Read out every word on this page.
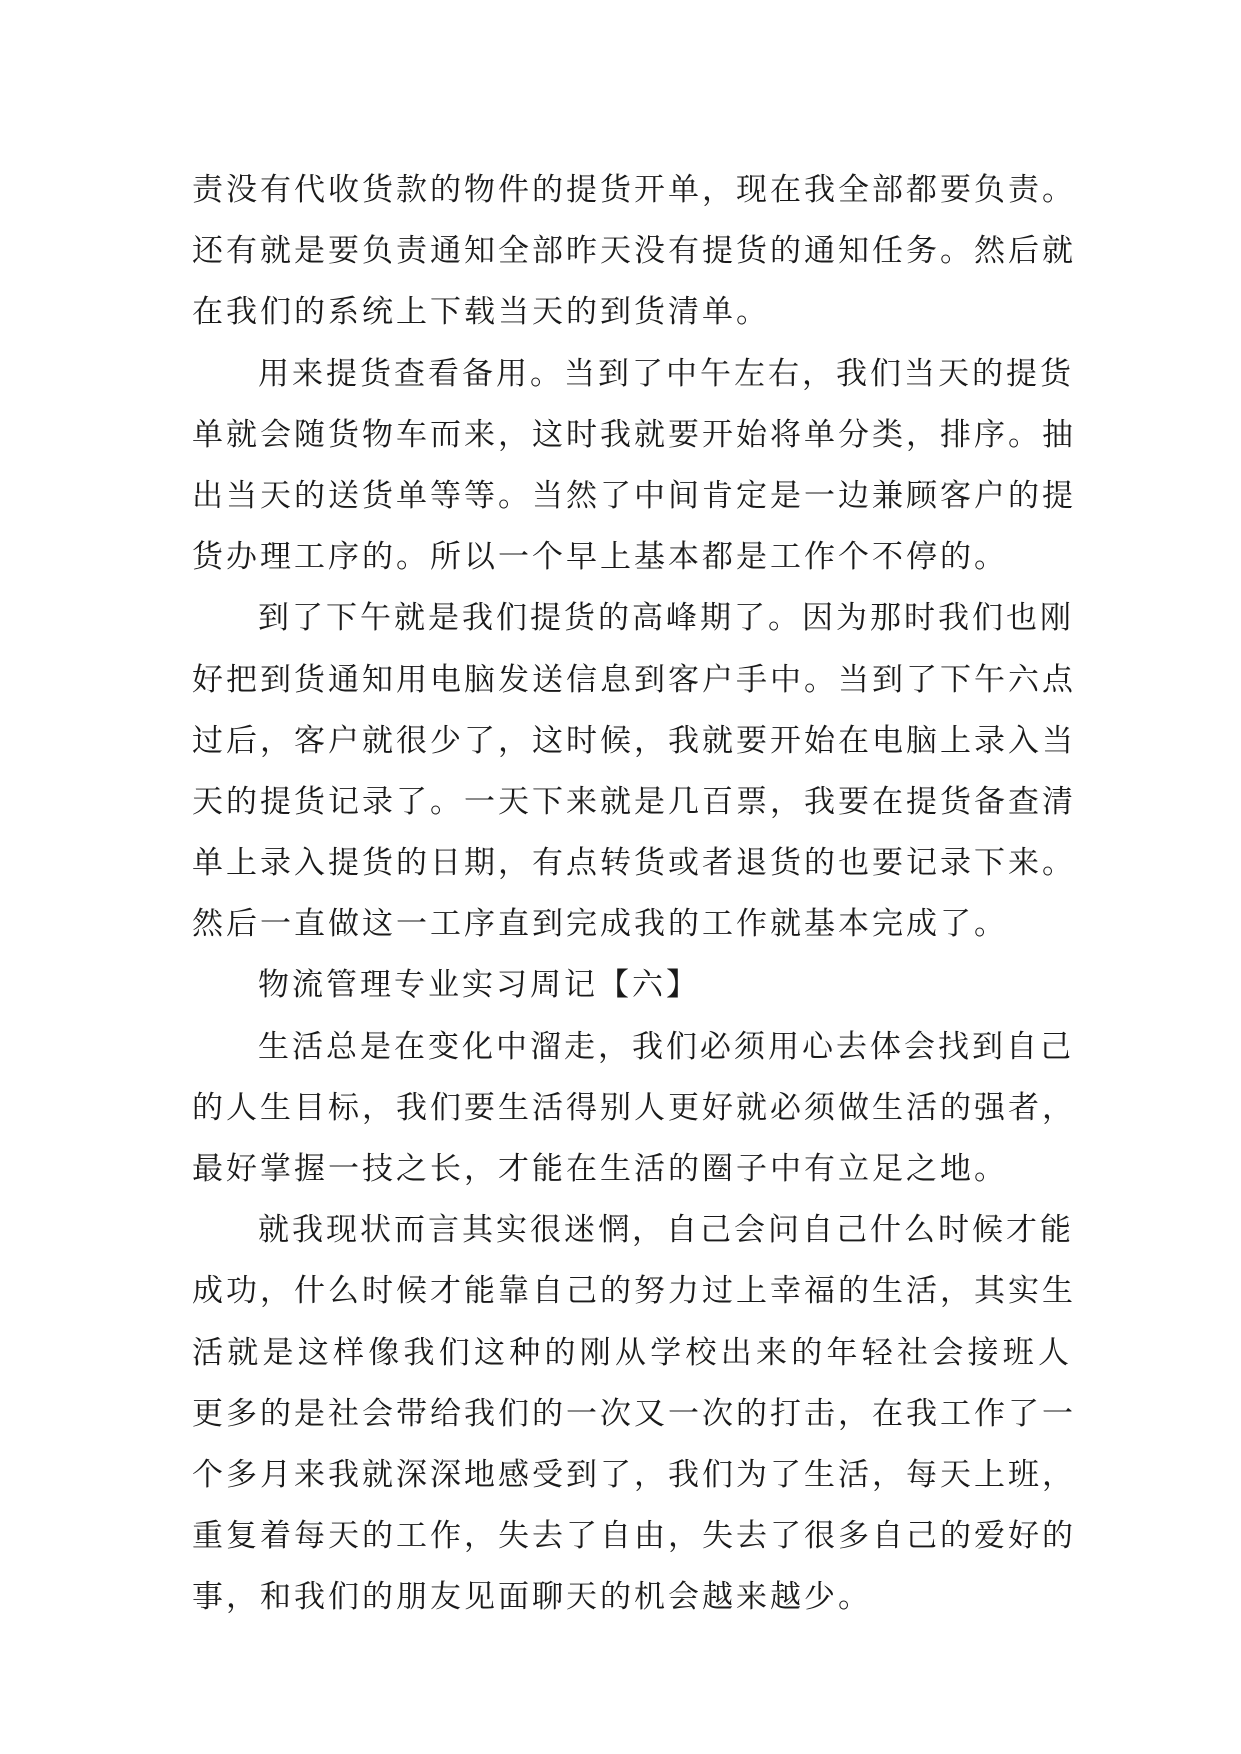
责没有代收货款的物件的提货开单，现在我全部都要负责。
还有就是要负责通知全部昨天没有提货的通知任务。然后就
在我们的系统上下载当天的到货清单。
用来提货查看备用。当到了中午左右，我们当天的提货
单就会随货物车而来，这时我就要开始将单分类，排序。抽
出当天的送货单等等。当然了中间肯定是一边兼顾客户的提
货办理工序的。所以一个早上基本都是工作个不停的。
到了下午就是我们提货的高峰期了。因为那时我们也刚
好把到货通知用电脑发送信息到客户手中。当到了下午六点
过后，客户就很少了，这时候，我就要开始在电脑上录入当
天的提货记录了。一天下来就是几百票，我要在提货备查清
单上录入提货的日期，有点转货或者退货的也要记录下来。
然后一直做这一工序直到完成我的工作就基本完成了。
物流管理专业实习周记【六】
生活总是在变化中溜走，我们必须用心去体会找到自己
的人生目标，我们要生活得别人更好就必须做生活的强者，
最好掌握一技之长，才能在生活的圈子中有立足之地。
就我现状而言其实很迷惘，自己会问自己什么时候才能
成功，什么时候才能靠自己的努力过上幸福的生活，其实生
活就是这样像我们这种的刚从学校出来的年轻社会接班人
更多的是社会带给我们的一次又一次的打击，在我工作了一
个多月来我就深深地感受到了，我们为了生活，每天上班，
重复着每天的工作，失去了自由，失去了很多自己的爱好的
事，和我们的朋友见面聊天的机会越来越少。
